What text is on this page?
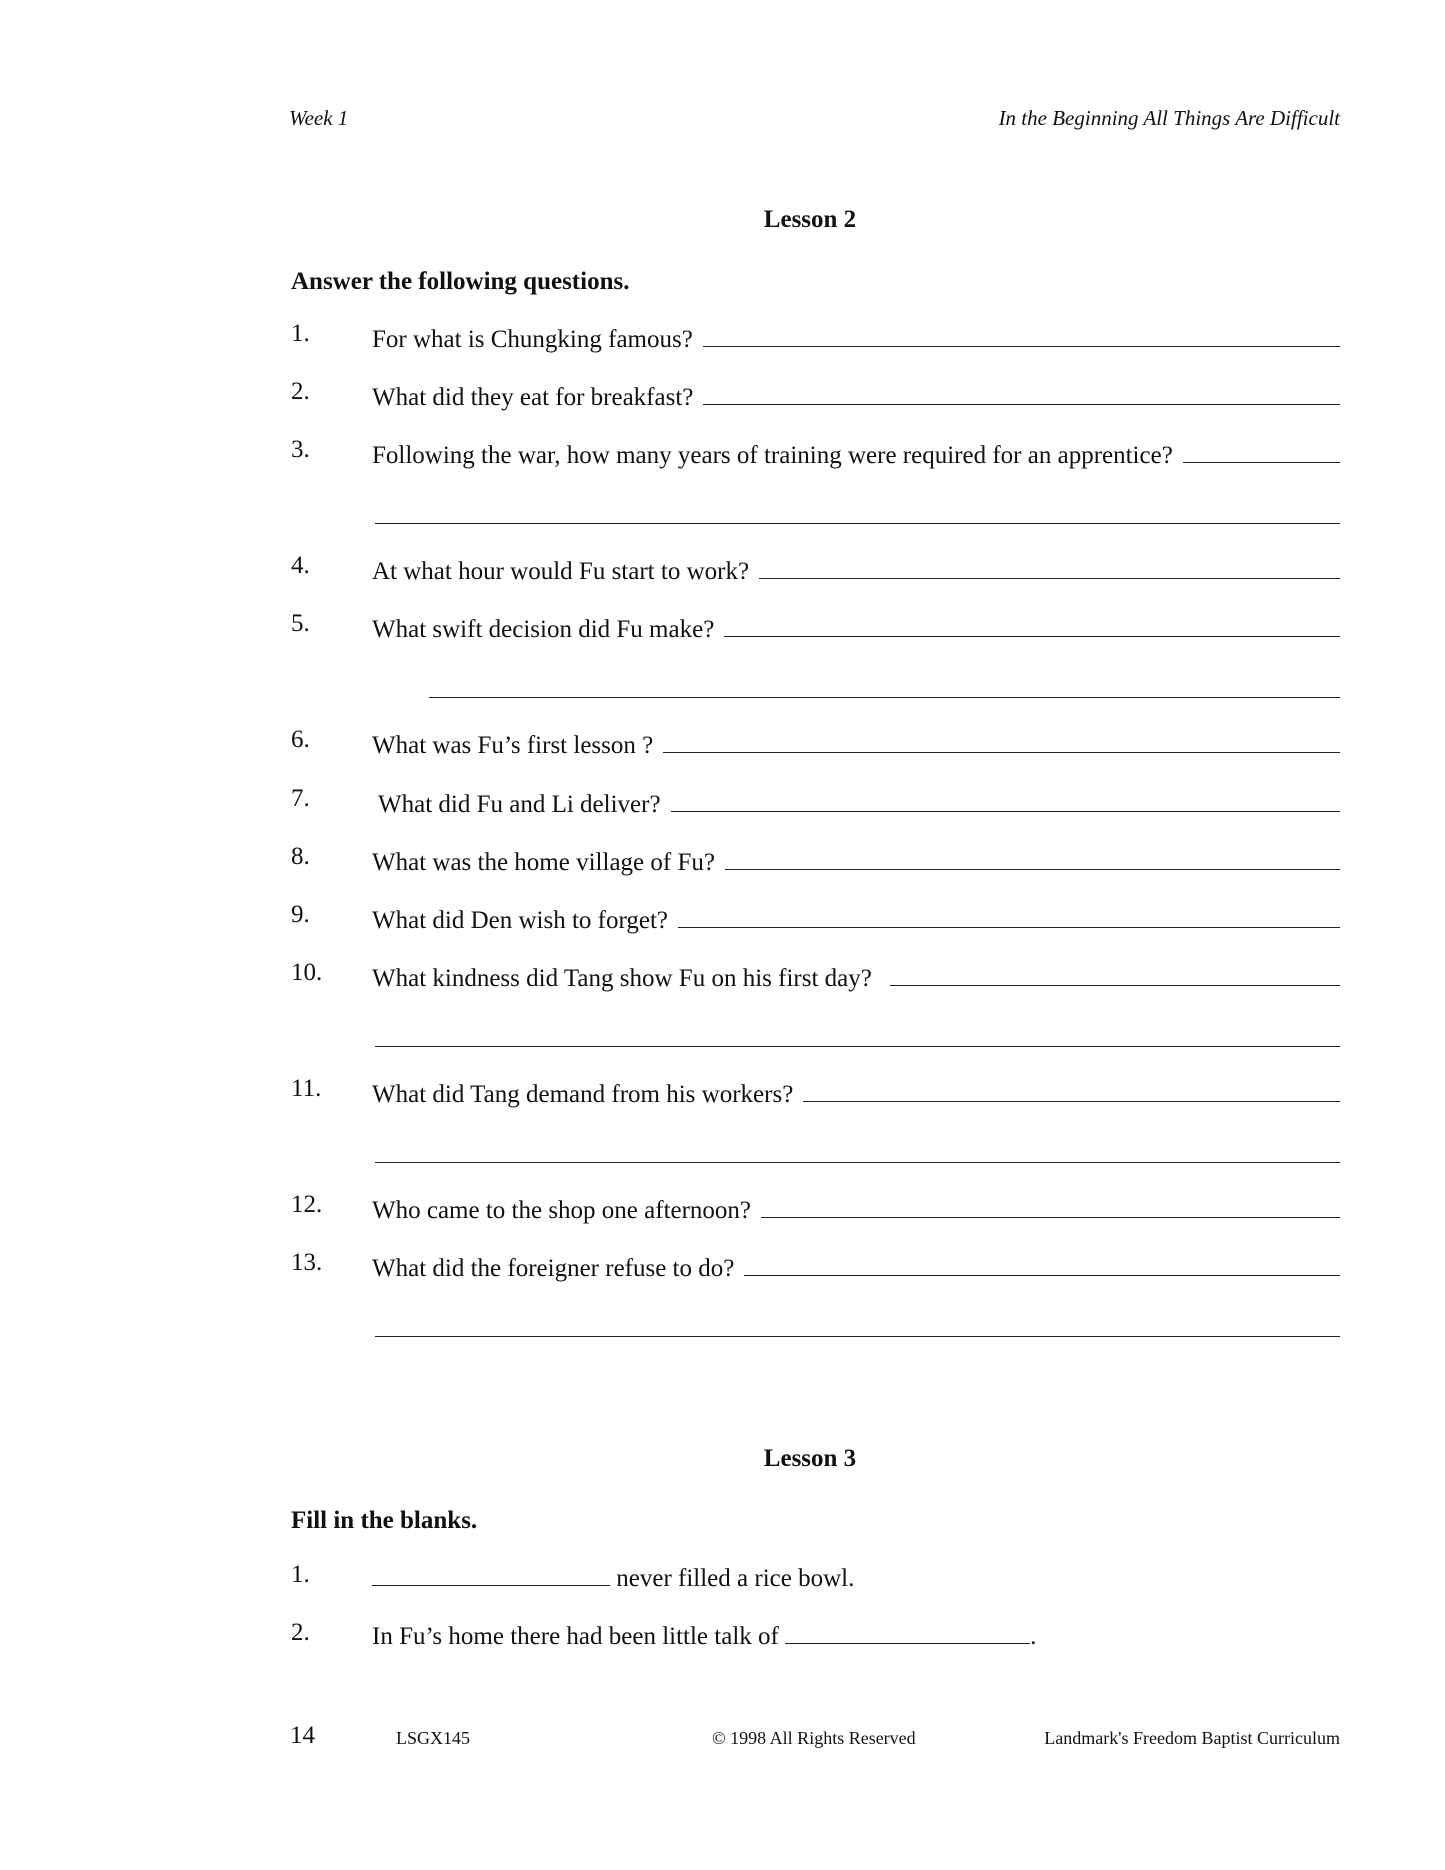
Week 1	In the Beginning All Things Are Difficult
Lesson 2
Answer the following questions.
1. For what is Chungking famous?
2. What did they eat for breakfast?
3. Following the war, how many years of training were required for an apprentice?
4. At what hour would Fu start to work?
5. What swift decision did Fu make?
6. What was Fu’s first lesson ?
7.	What did Fu and Li deliver?
8. What was the home village of Fu?
9. What did Den wish to forget?
10. What kindness did Tang show Fu on his first day?
11. What did Tang demand from his workers?
12. Who came to the shop one afternoon?
13. What did the foreigner refuse to do?
Lesson 3
Fill in the blanks.
1.	never filled a rice bowl.
2. In Fu’s home there had been little talk of	.
14	LSGX145	© 1998 All Rights Reserved	Landmark's Freedom Baptist Curriculum
